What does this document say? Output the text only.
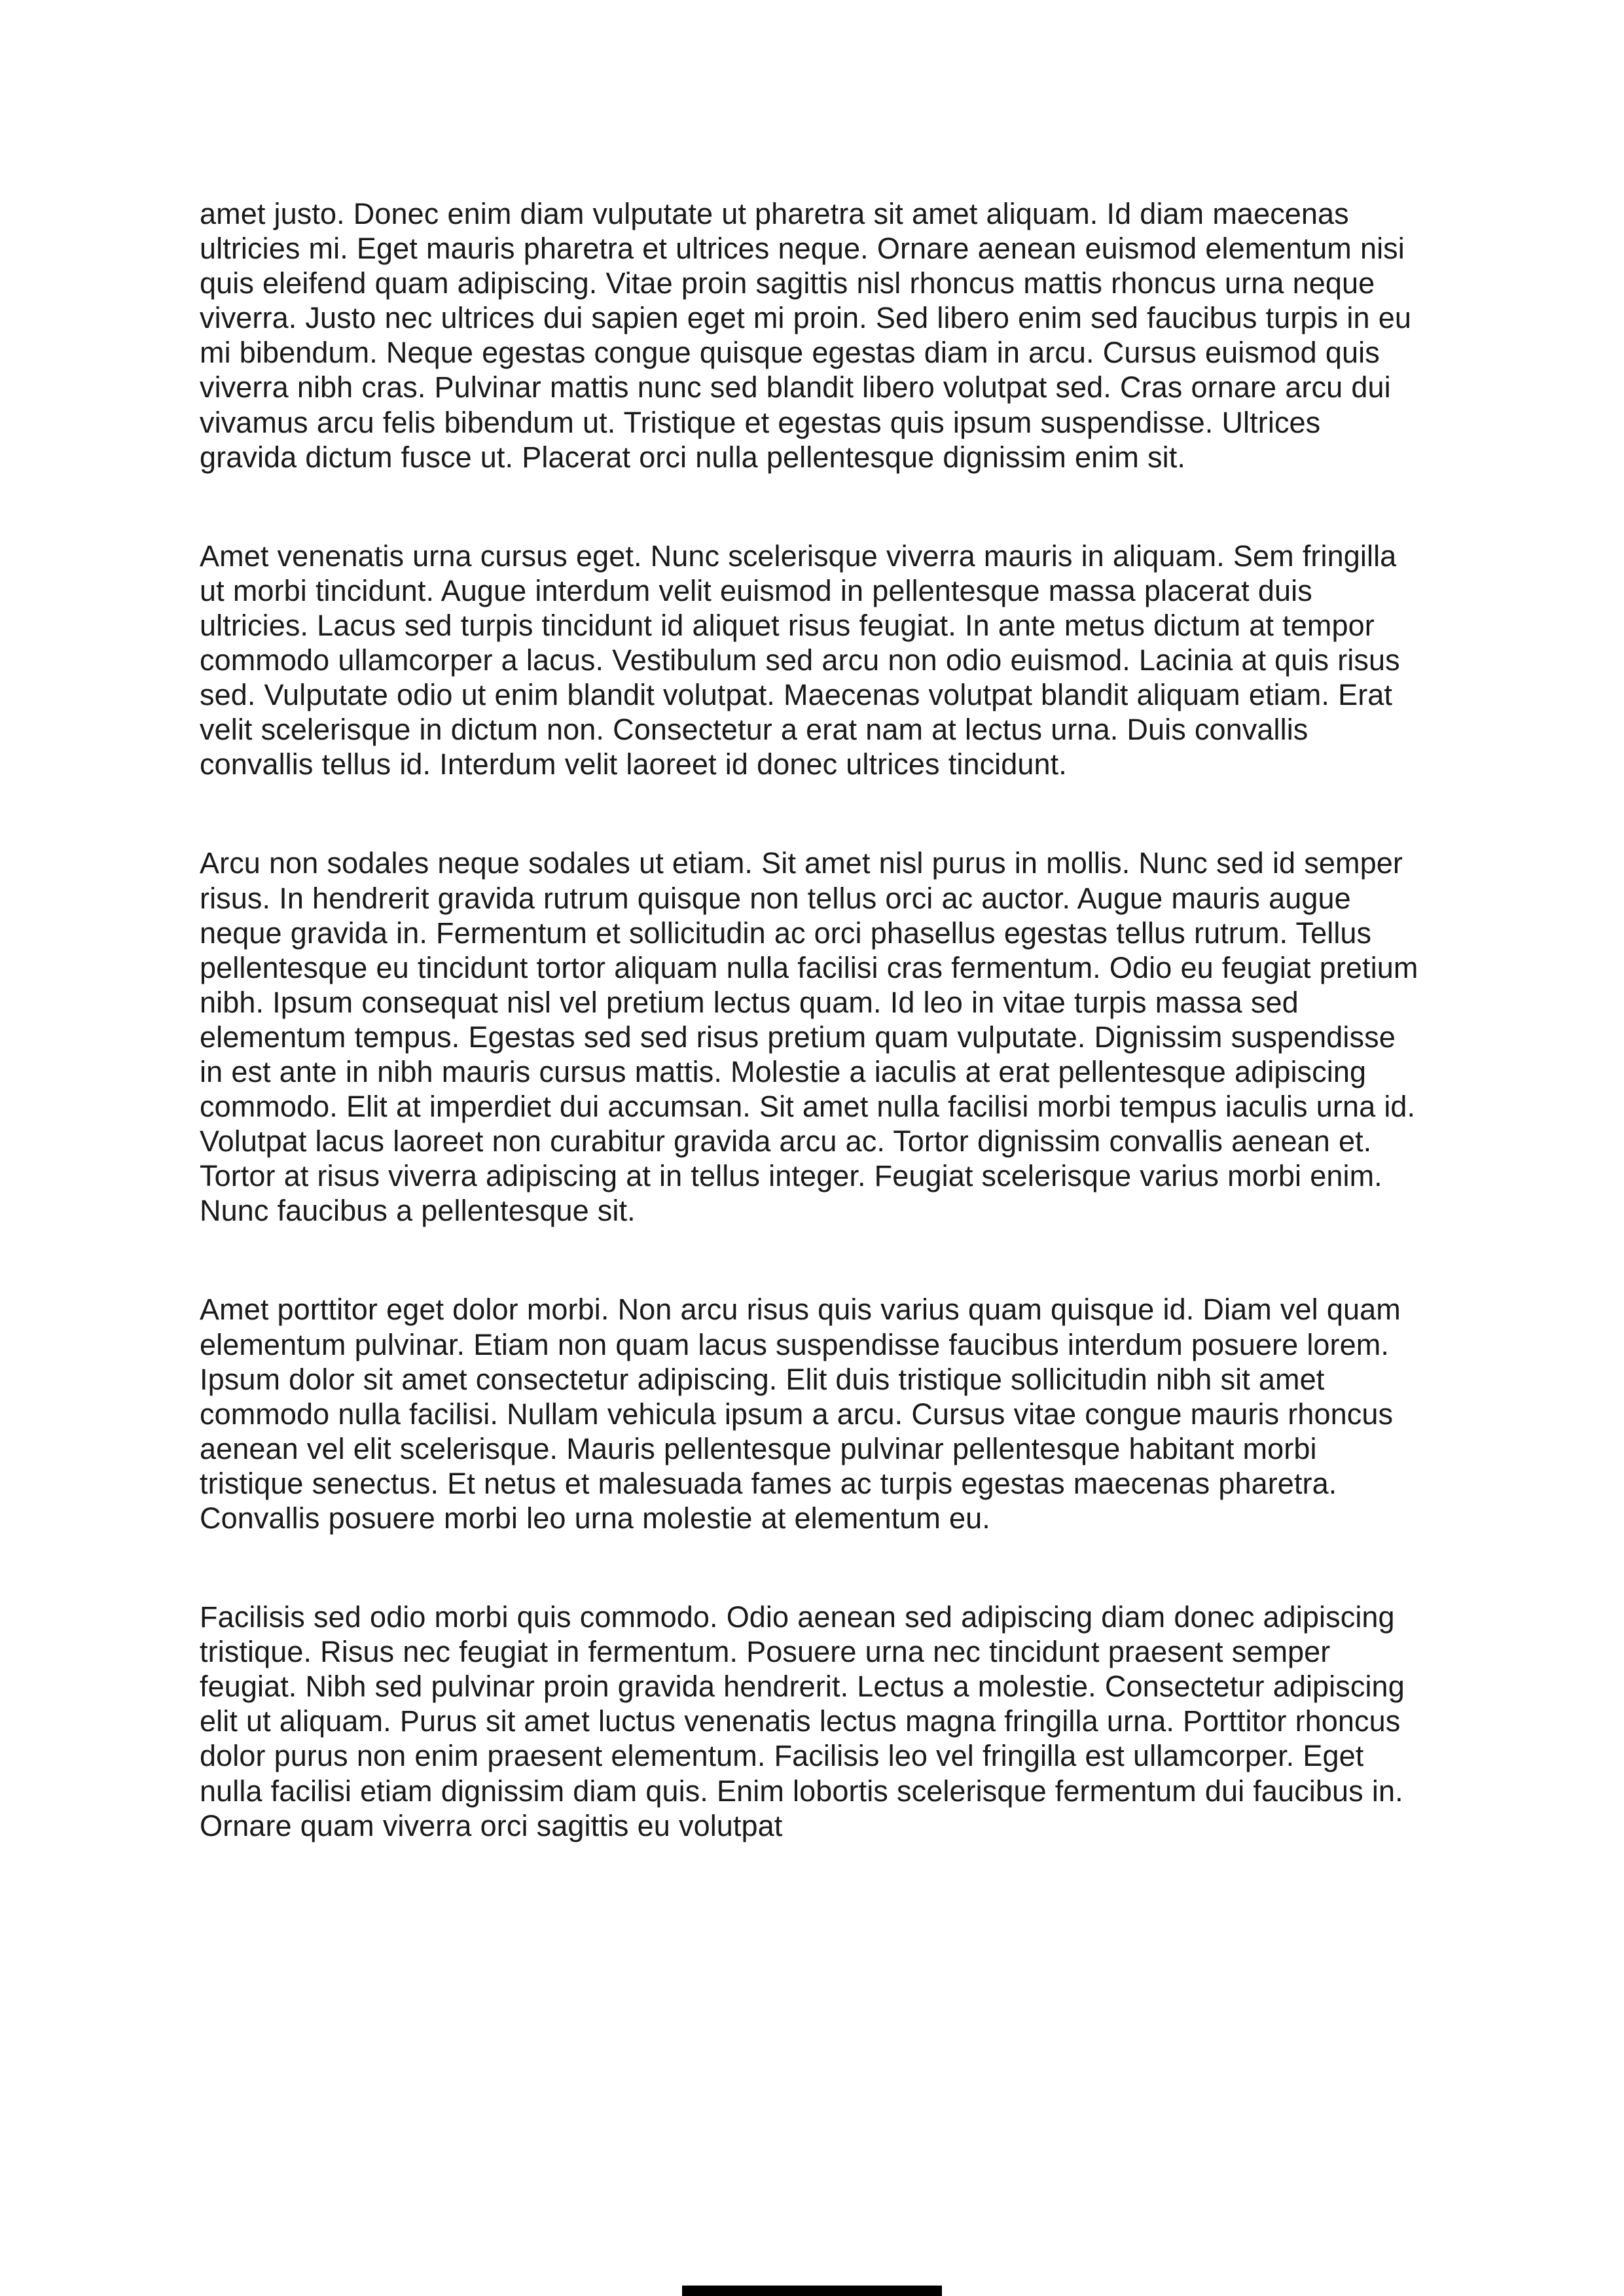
amet justo. Donec enim diam vulputate ut pharetra sit amet aliquam. Id diam maecenas ultricies mi. Eget mauris pharetra et ultrices neque. Ornare aenean euismod elementum nisi quis eleifend quam adipiscing. Vitae proin sagittis nisl rhoncus mattis rhoncus urna neque viverra. Justo nec ultrices dui sapien eget mi proin. Sed libero enim sed faucibus turpis in eu mi bibendum. Neque egestas congue quisque egestas diam in arcu. Cursus euismod quis viverra nibh cras. Pulvinar mattis nunc sed blandit libero volutpat sed. Cras ornare arcu dui vivamus arcu felis bibendum ut. Tristique et egestas quis ipsum suspendisse. Ultrices gravida dictum fusce ut. Placerat orci nulla pellentesque dignissim enim sit.

Amet venenatis urna cursus eget. Nunc scelerisque viverra mauris in aliquam. Sem fringilla ut morbi tincidunt. Augue interdum velit euismod in pellentesque massa placerat duis ultricies. Lacus sed turpis tincidunt id aliquet risus feugiat. In ante metus dictum at tempor commodo ullamcorper a lacus. Vestibulum sed arcu non odio euismod. Lacinia at quis risus sed. Vulputate odio ut enim blandit volutpat. Maecenas volutpat blandit aliquam etiam. Erat velit scelerisque in dictum non. Consectetur a erat nam at lectus urna. Duis convallis convallis tellus id. Interdum velit laoreet id donec ultrices tincidunt.

Arcu non sodales neque sodales ut etiam. Sit amet nisl purus in mollis. Nunc sed id semper risus. In hendrerit gravida rutrum quisque non tellus orci ac auctor. Augue mauris augue neque gravida in. Fermentum et sollicitudin ac orci phasellus egestas tellus rutrum. Tellus pellentesque eu tincidunt tortor aliquam nulla facilisi cras fermentum. Odio eu feugiat pretium nibh. Ipsum consequat nisl vel pretium lectus quam. Id leo in vitae turpis massa sed elementum tempus. Egestas sed sed risus pretium quam vulputate. Dignissim suspendisse in est ante in nibh mauris cursus mattis. Molestie a iaculis at erat pellentesque adipiscing commodo. Elit at imperdiet dui accumsan. Sit amet nulla facilisi morbi tempus iaculis urna id. Volutpat lacus laoreet non curabitur gravida arcu ac. Tortor dignissim convallis aenean et. Tortor at risus viverra adipiscing at in tellus integer. Feugiat scelerisque varius morbi enim. Nunc faucibus a pellentesque sit.

Amet porttitor eget dolor morbi. Non arcu risus quis varius quam quisque id. Diam vel quam elementum pulvinar. Etiam non quam lacus suspendisse faucibus interdum posuere lorem. Ipsum dolor sit amet consectetur adipiscing. Elit duis tristique sollicitudin nibh sit amet commodo nulla facilisi. Nullam vehicula ipsum a arcu. Cursus vitae congue mauris rhoncus aenean vel elit scelerisque. Mauris pellentesque pulvinar pellentesque habitant morbi tristique senectus. Et netus et malesuada fames ac turpis egestas maecenas pharetra. Convallis posuere morbi leo urna molestie at elementum eu.

Facilisis sed odio morbi quis commodo. Odio aenean sed adipiscing diam donec adipiscing tristique. Risus nec feugiat in fermentum. Posuere urna nec tincidunt praesent semper feugiat. Nibh sed pulvinar proin gravida hendrerit. Lectus a molestie. Consectetur adipiscing elit ut aliquam. Purus sit amet luctus venenatis lectus magna fringilla urna. Porttitor rhoncus dolor purus non enim praesent elementum. Facilisis leo vel fringilla est ullamcorper. Eget nulla facilisi etiam dignissim diam quis. Enim lobortis scelerisque fermentum dui faucibus in. Ornare quam viverra orci sagittis eu volutpat
